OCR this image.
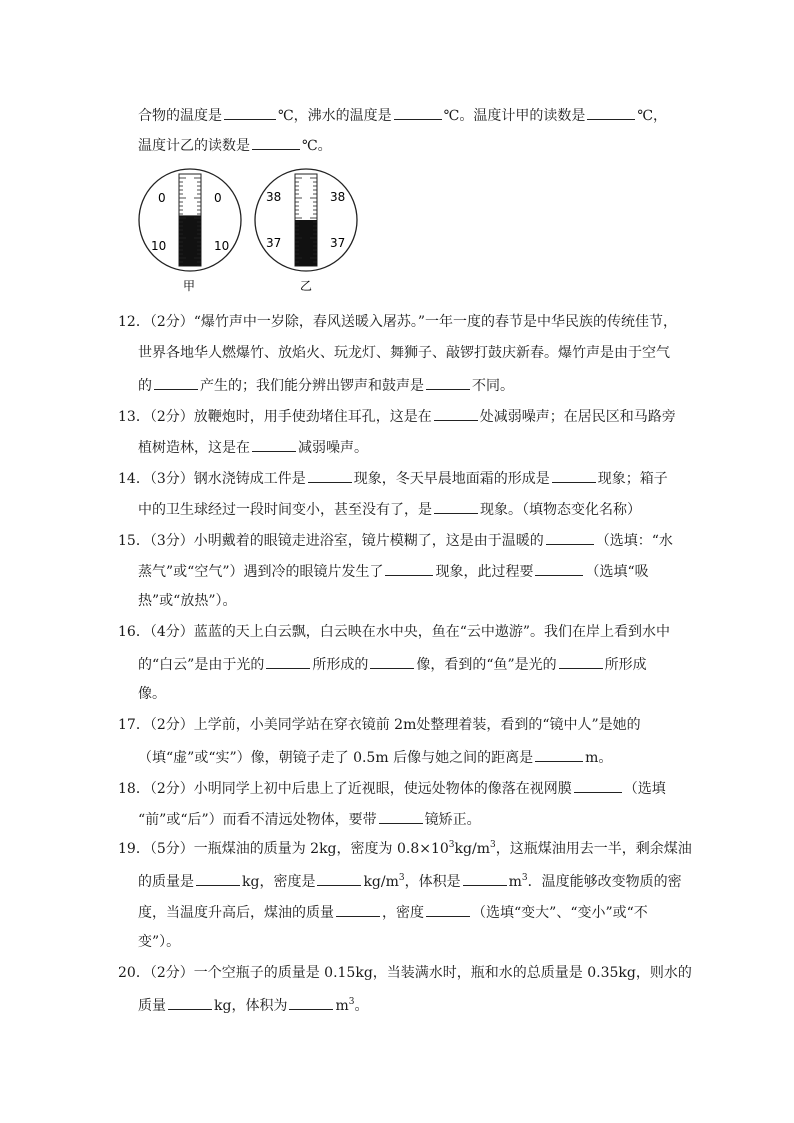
合物的温度是	℃，沸水的温度是	℃。温度计甲的读数是	℃，
温度计乙的读数是	℃。
0
10
0
10
甲
38
37
38
37
乙
12．（2分）“爆竹声中一岁除，春风送暖入屠苏。”一年一度的春节是中华民族的传统佳节，
世界各地华人燃爆竹、放焰火、玩龙灯、舞狮子、敲锣打鼓庆新春。爆竹声是由于空气
的	产生的；我们能分辨出锣声和鼓声是	不同。
13．（2分）放鞭炮时，用手使劲堵住耳孔，这是在	处减弱噪声；在居民区和马路旁
植树造林，这是在	减弱噪声。
14．（3分）钢水浇铸成工件是	现象，冬天早晨地面霜的形成是	现象；箱子
中的卫生球经过一段时间变小，甚至没有了，是	现象。（填物态变化名称）
15．（3分）小明戴着的眼镜走进浴室，镜片模糊了，这是由于温暖的	（选填：“水
蒸气”或“空气”）遇到冷的眼镜片发生了	现象，此过程要	（选填“吸
热”或“放热”）。
16．（4分）蓝蓝的天上白云飘，白云映在水中央，鱼在“云中遨游”。我们在岸上看到水中
的“白云”是由于光的	所形成的	像，看到的“鱼”是光的	所形成
像。
17．（2分）上学前，小美同学站在穿衣镜前 2m处整理着装，看到的“镜中人”是她的
（填“虚”或“实”）像，朝镜子走了 0.5m 后像与她之间的距离是	m。
18．（2分）小明同学上初中后患上了近视眼，使远处物体的像落在视网膜	（选填
“前”或“后”）而看不清远处物体，要带	镜矫正。
19．（5分）一瓶煤油的质量为 2kg，密度为 $0.8\times 10^3kg/m^3$，这瓶煤油用去一半，剩余煤油
的质量是	kg，密度是	$kg/m^3$，体积是	$m^3$．温度能够改变物质的密
度，当温度升高后，煤油的质量	，密度	（选填“变大”、“变小”或“不
变”）。
20．（2分）一个空瓶子的质量是 0.15kg，当装满水时，瓶和水的总质量是 0.35kg，则水的
质量	kg，体积为	$m^3$。
